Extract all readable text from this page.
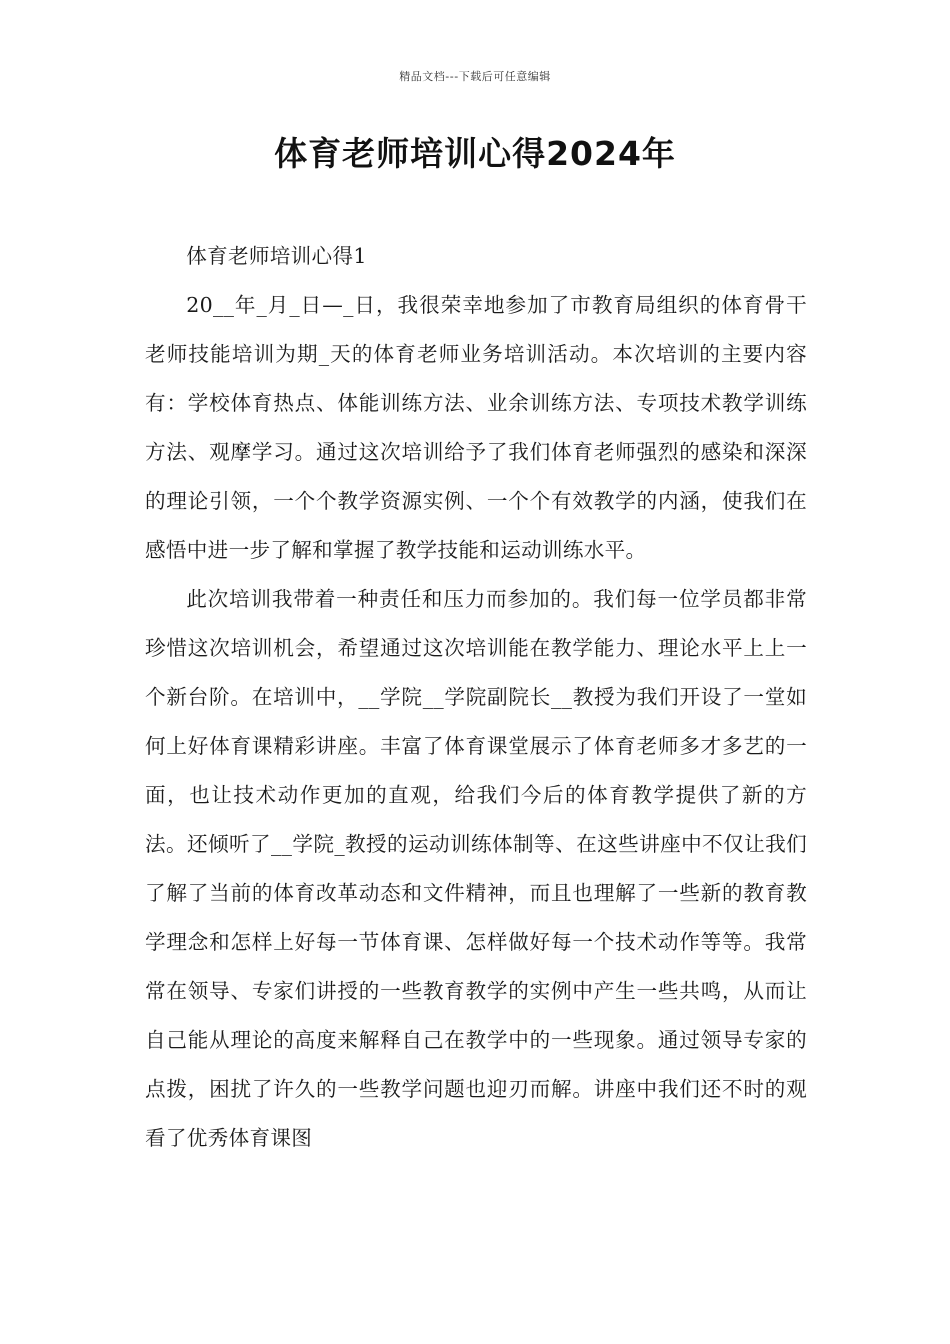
精品文档---下载后可任意编辑
体育老师培训心得2024年

体育老师培训心得1

20__年_月_日—_日，我很荣幸地参加了市教育局组织的体育骨干老师技能培训为期_天的体育老师业务培训活动。本次培训的主要内容有：学校体育热点、体能训练方法、业余训练方法、专项技术教学训练方法、观摩学习。通过这次培训给予了我们体育老师强烈的感染和深深的理论引领，一个个教学资源实例、一个个有效教学的内涵，使我们在感悟中进一步了解和掌握了教学技能和运动训练水平。

此次培训我带着一种责任和压力而参加的。我们每一位学员都非常珍惜这次培训机会，希望通过这次培训能在教学能力、理论水平上上一个新台阶。在培训中，__学院__学院副院长__教授为我们开设了一堂如何上好体育课精彩讲座。丰富了体育课堂展示了体育老师多才多艺的一面，也让技术动作更加的直观，给我们今后的体育教学提供了新的方法。还倾听了__学院_教授的运动训练体制等、在这些讲座中不仅让我们了解了当前的体育改革动态和文件精神，而且也理解了一些新的教育教学理念和怎样上好每一节体育课、怎样做好每一个技术动作等等。我常常在领导、专家们讲授的一些教育教学的实例中产生一些共鸣，从而让自己能从理论的高度来解释自己在教学中的一些现象。通过领导专家的点拨，困扰了许久的一些教学问题也迎刃而解。讲座中我们还不时的观看了优秀体育课图
